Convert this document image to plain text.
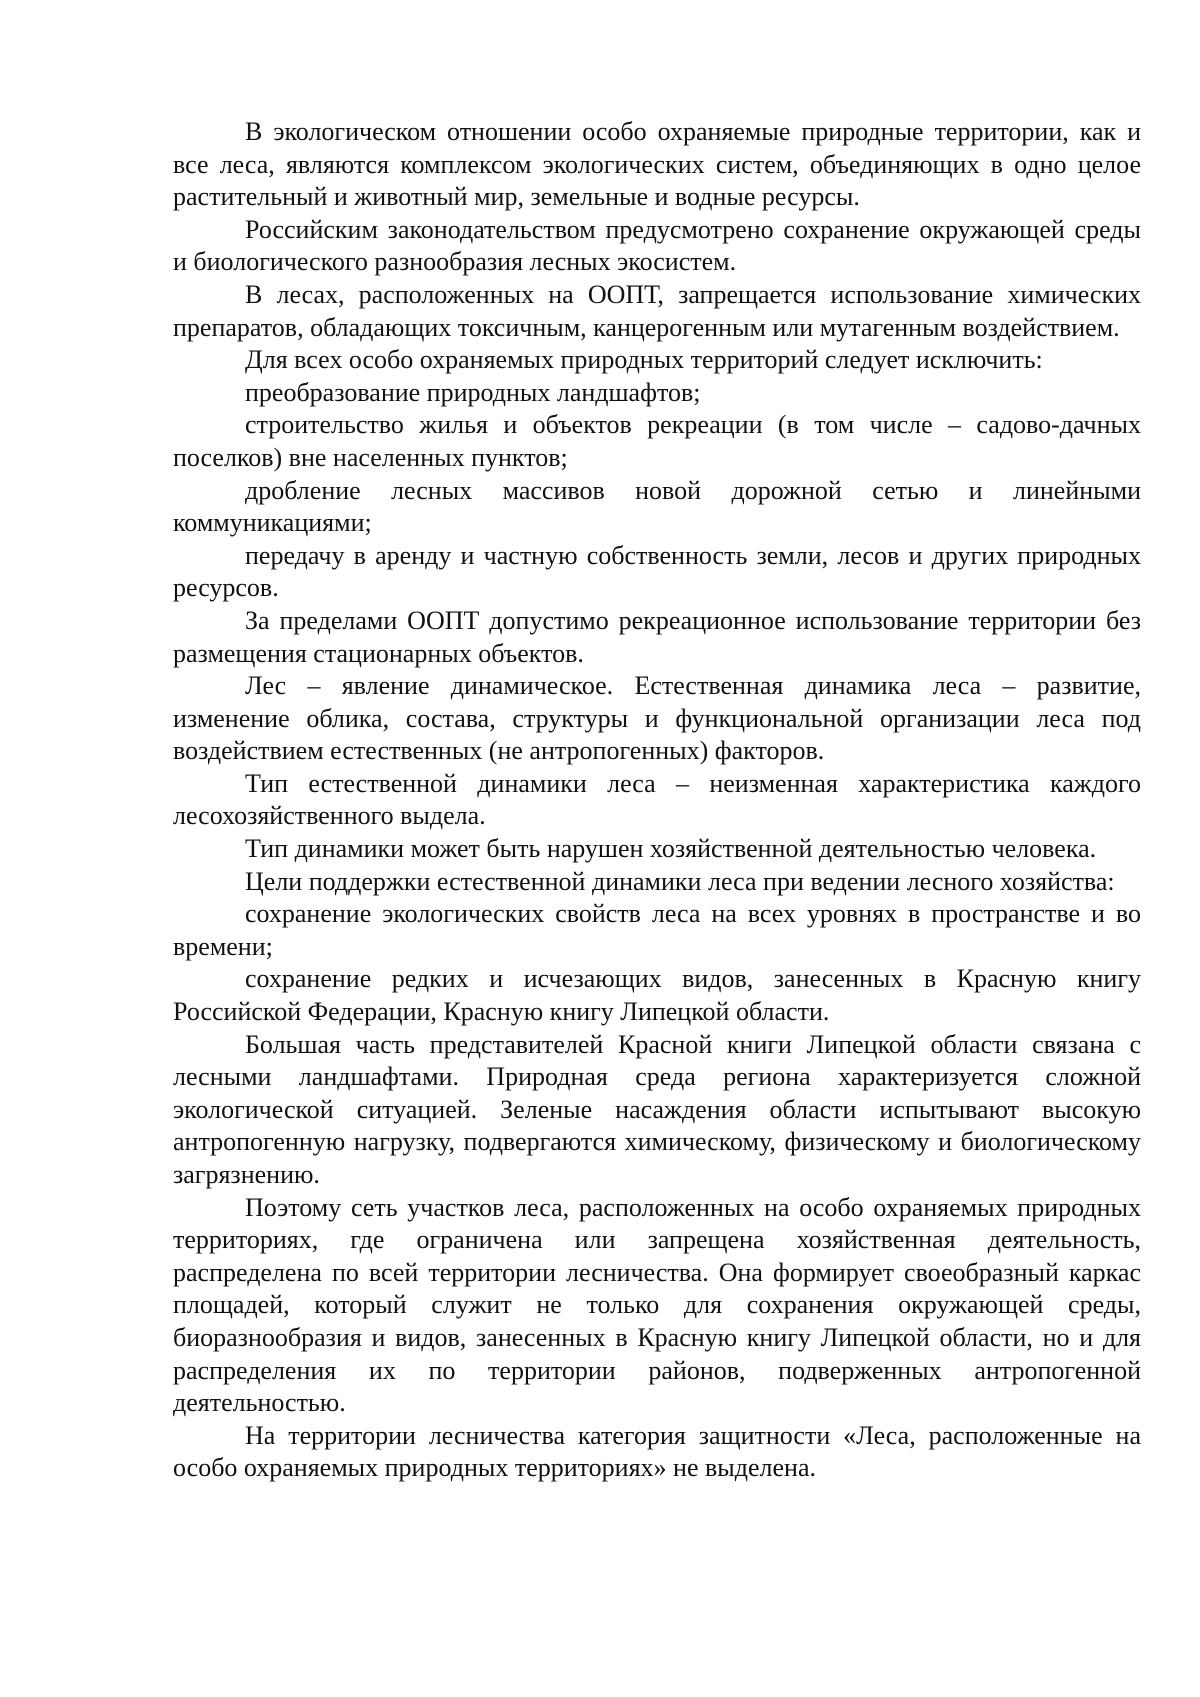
В экологическом отношении особо охраняемые природные территории, как и все леса, являются комплексом экологических систем, объединяющих в одно целое растительный и животный мир, земельные и водные ресурсы.

Российским законодательством предусмотрено сохранение окружающей среды и биологического разнообразия лесных экосистем.

В лесах, расположенных на ООПТ, запрещается использование химических препаратов, обладающих токсичным, канцерогенным или мутагенным воздействием.

Для всех особо охраняемых природных территорий следует исключить:

преобразование природных ландшафтов;

строительство жилья и объектов рекреации (в том числе – садово-дачных поселков) вне населенных пунктов;

дробление лесных массивов новой дорожной сетью и линейными коммуникациями;

передачу в аренду и частную собственность земли, лесов и других природных ресурсов.

За пределами ООПТ допустимо рекреационное использование территории без размещения стационарных объектов.

Лес – явление динамическое. Естественная динамика леса – развитие, изменение облика, состава, структуры и функциональной организации леса под воздействием естественных (не антропогенных) факторов.

Тип естественной динамики леса – неизменная характеристика каждого лесохозяйственного выдела.

Тип динамики может быть нарушен хозяйственной деятельностью человека.

Цели поддержки естественной динамики леса при ведении лесного хозяйства:

сохранение экологических свойств леса на всех уровнях в пространстве и во времени;

сохранение редких и исчезающих видов, занесенных в Красную книгу Российской Федерации, Красную книгу Липецкой области.

Большая часть представителей Красной книги Липецкой области связана с лесными ландшафтами. Природная среда региона характеризуется сложной экологической ситуацией. Зеленые насаждения области испытывают высокую антропогенную нагрузку, подвергаются химическому, физическому и биологическому загрязнению.

Поэтому сеть участков леса, расположенных на особо охраняемых природных территориях, где ограничена или запрещена хозяйственная деятельность, распределена по всей территории лесничества. Она формирует своеобразный каркас площадей, который служит не только для сохранения окружающей среды, биоразнообразия и видов, занесенных в Красную книгу Липецкой области, но и для распределения их по территории районов, подверженных антропогенной деятельностью.

На территории лесничества категория защитности «Леса, расположенные на особо охраняемых природных территориях» не выделена.
